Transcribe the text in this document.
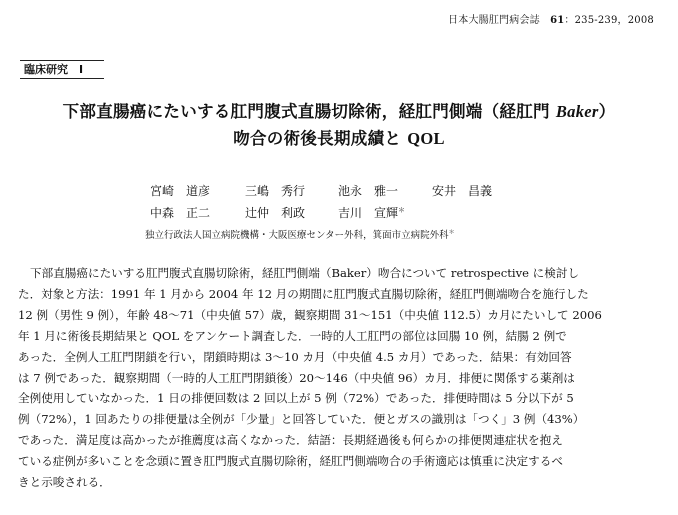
日本大腸肛門病会誌　 61：235-239，2008
臨床研究　I
下部直腸癌にたいする肛門腹式直腸切除術，経肛門側端（経肛門 Baker）
吻合の術後長期成績と QOL
宮崎　道彦	三嶋　秀行	池永　雅一	安井　昌義
中森　正二	辻仲　利政	吉川　宣輝＊
独立行政法人国立病院機構・大阪医療センター外科，箕面市立病院外科＊
下部直腸癌にたいする肛門腹式直腸切除術，経肛門側端（Baker）吻合について retrospective に検討し
た．対象と方法：1991 年 1 月から 2004 年 12 月の期間に肛門腹式直腸切除術，経肛門側端吻合を施行した
12 例（男性 9 例），年齢 48～71（中央値 57）歳，観察期間 31～151（中央値 112.5）カ月にたいして 2006
年 1 月に術後長期結果と QOL をアンケート調査した．一時的人工肛門の部位は回腸 10 例，結腸 2 例で
あった．全例人工肛門閉鎖を行い，閉鎖時期は 3～10 カ月（中央値 4.5 カ月）であった．結果：有効回答
は 7 例であった．観察期間（一時的人工肛門閉鎖後）20～146（中央値 96）カ月．排便に関係する薬剤は
全例使用していなかった．1 日の排便回数は 2 回以上が 5 例（72%）であった．排便時間は 5 分以下が 5
例（72%），1 回あたりの排便量は全例が「少量」と回答していた．便とガスの識別は「つく」3 例（43%）
であった．満足度は高かったが推薦度は高くなかった．結語：長期経過後も何らかの排便関連症状を抱え
ている症例が多いことを念頭に置き肛門腹式直腸切除術，経肛門側端吻合の手術適応は慎重に決定するべ
きと示唆される．
